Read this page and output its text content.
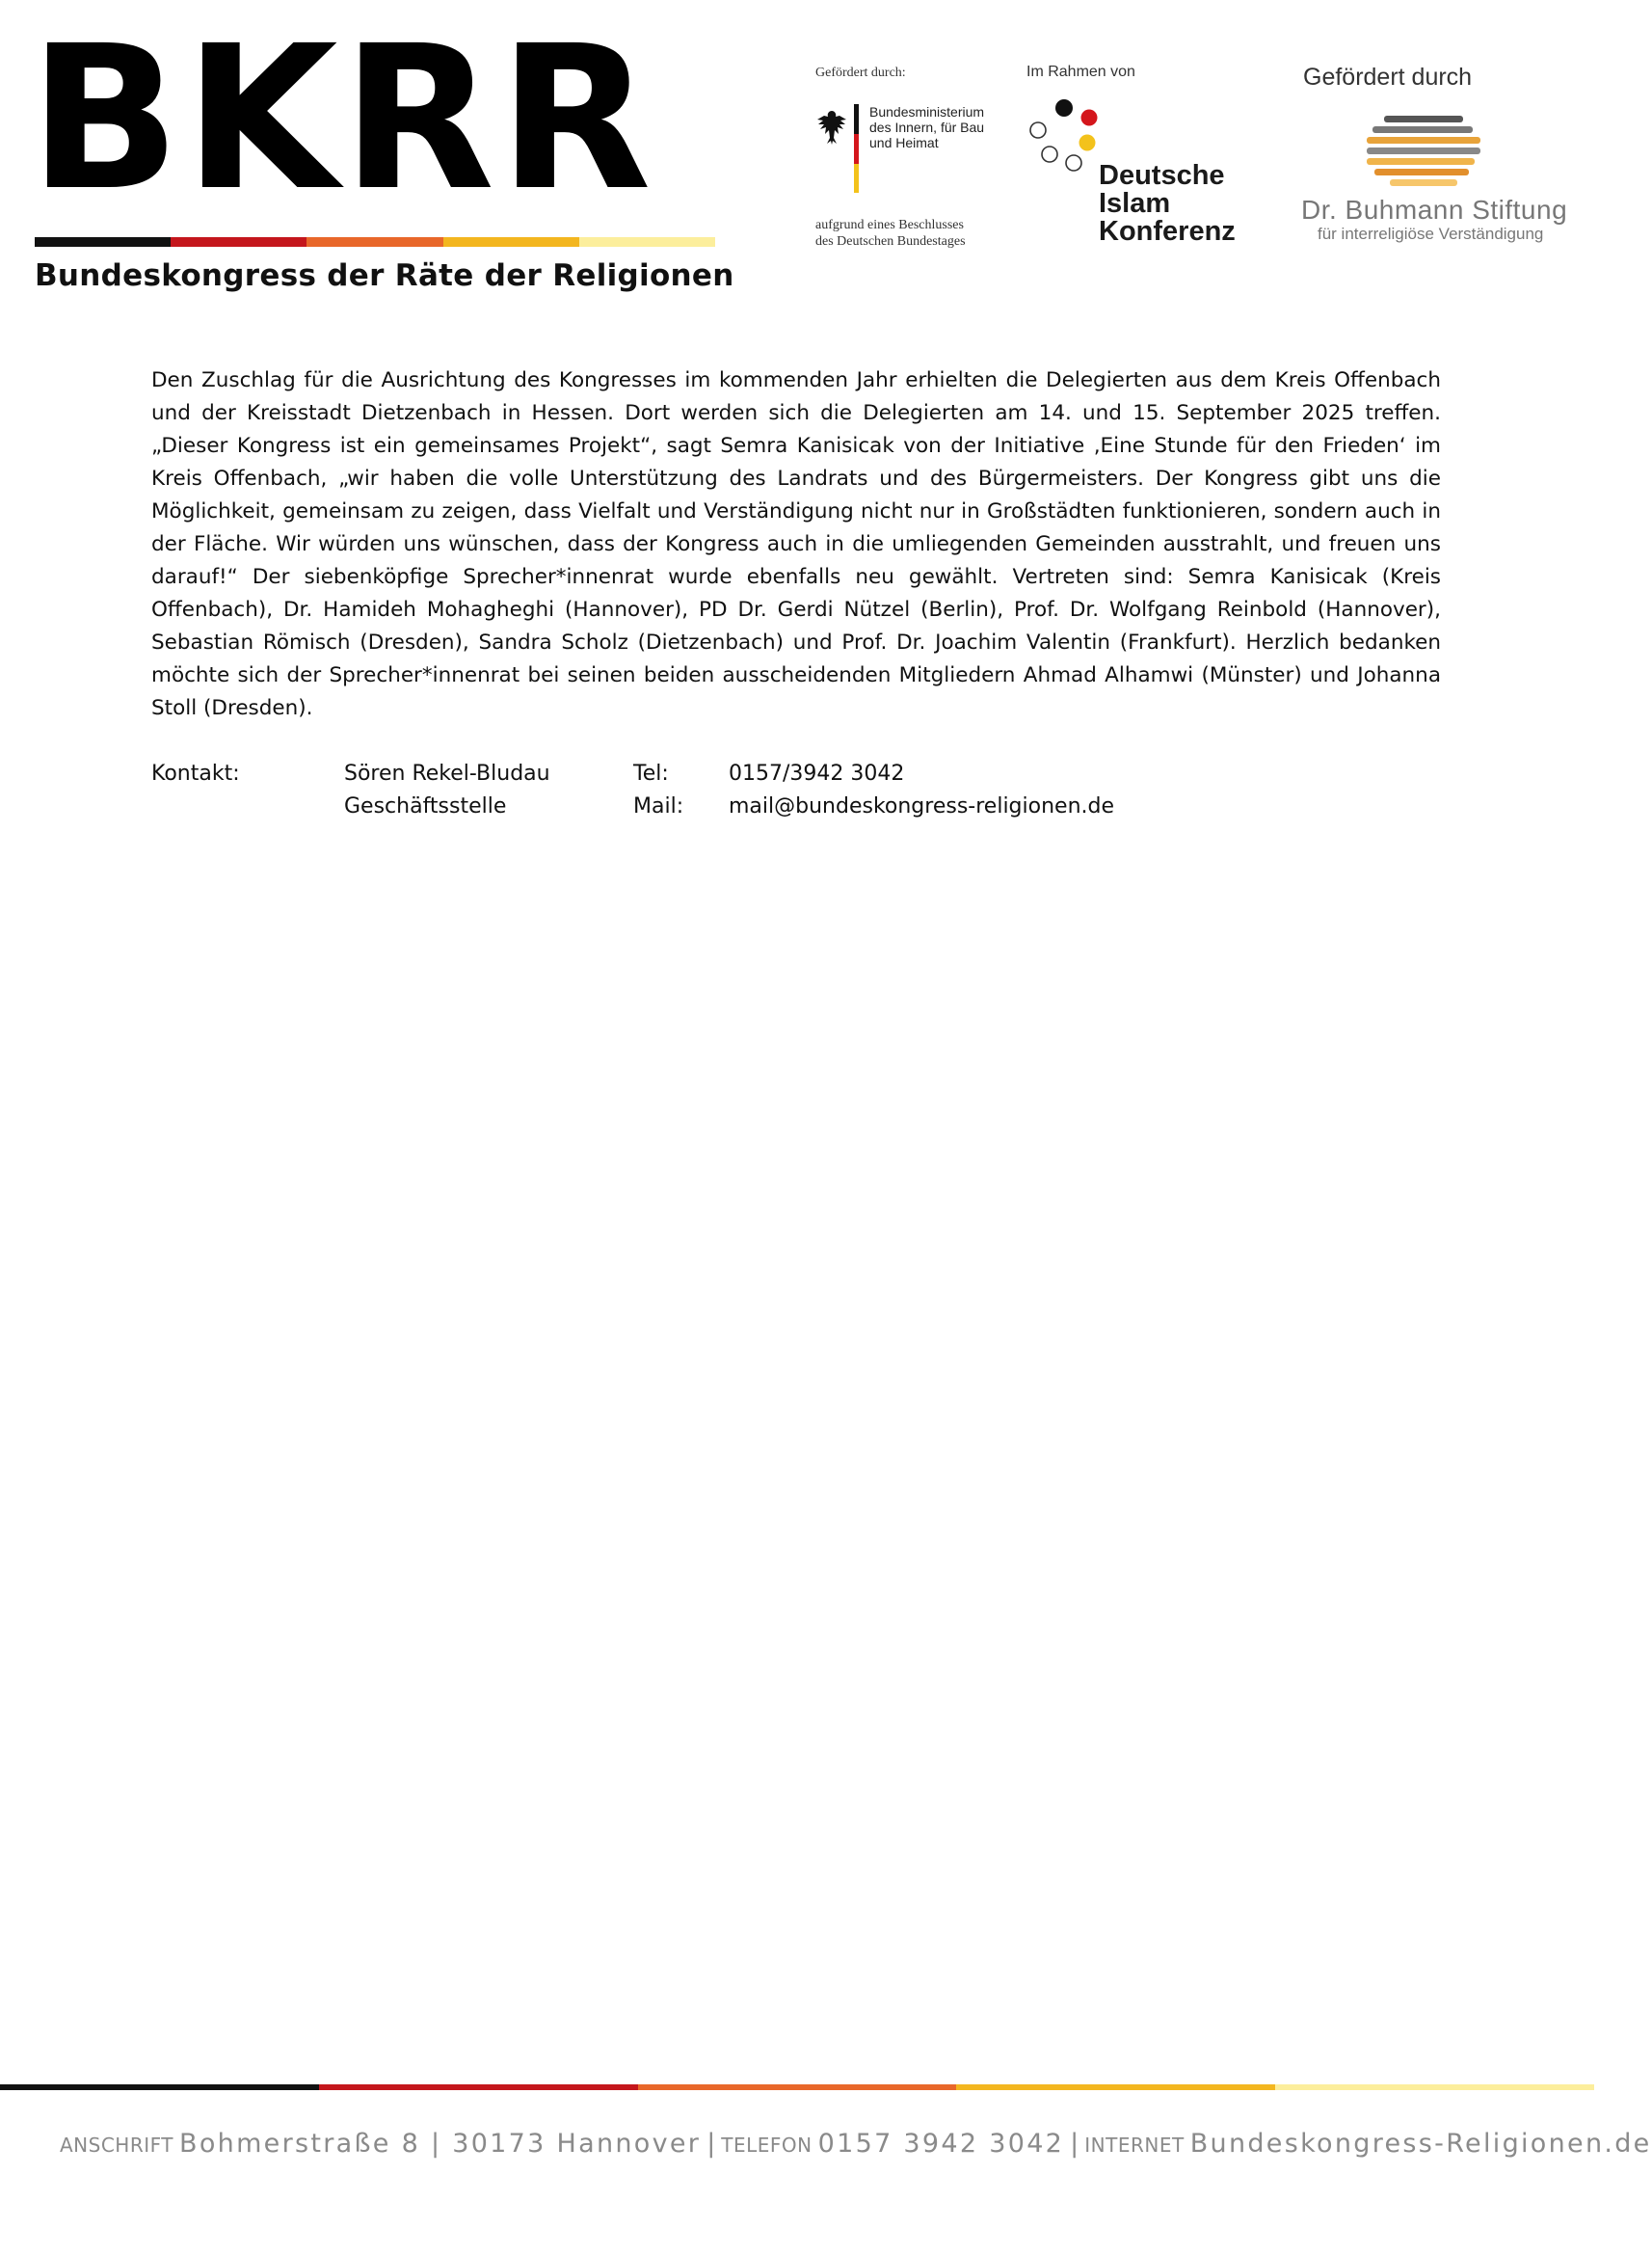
BKRR
Bundeskongress der Räte der Religionen
Gefördert durch:
Bundesministerium
des Innern, für Bau
und Heimat
aufgrund eines Beschlusses
des Deutschen Bundestages
Im Rahmen von
Deutsche
Islam
Konferenz
Gefördert durch
Dr. Buhmann Stiftung
für interreligiöse Verständigung

Den Zuschlag für die Ausrichtung des Kongresses im kommenden Jahr erhielten die Delegierten aus dem Kreis Offenbach und der Kreisstadt Dietzenbach in Hessen. Dort werden sich die Delegierten am 14. und 15. September 2025 treffen. „Dieser Kongress ist ein gemeinsames Projekt“, sagt Semra Kanisicak von der Initiative ‚Eine Stunde für den Frieden‘ im Kreis Offenbach, „wir haben die volle Unterstützung des Landrats und des Bürgermeisters. Der Kongress gibt uns die Möglichkeit, gemeinsam zu zeigen, dass Vielfalt und Verständigung nicht nur in Großstädten funktionieren, sondern auch in der Fläche. Wir würden uns wünschen, dass der Kongress auch in die umliegenden Gemeinden ausstrahlt, und freuen uns darauf!“ Der siebenköpfige Sprecher*innenrat wurde ebenfalls neu gewählt. Vertreten sind: Semra Kanisicak (Kreis Offenbach), Dr. Hamideh Mohagheghi (Hannover), PD Dr. Gerdi Nützel (Berlin), Prof. Dr. Wolfgang Reinbold (Hannover), Sebastian Römisch (Dresden), Sandra Scholz (Dietzenbach) und Prof. Dr. Joachim Valentin (Frankfurt). Herzlich bedanken möchte sich der Sprecher*innenrat bei seinen beiden ausscheidenden Mitgliedern Ahmad Alhamwi (Münster) und Johanna Stoll (Dresden).

Kontakt:	Sören Rekel-Bludau
Geschäftsstelle
Tel:
Mail:
0157/3942 3042
mail@bundeskongress-religionen.de
ANSCHRIFT Bohmerstraße 8 | 30173 Hannover | TELEFON 0157 3942 3042 | INTERNET Bundeskongress-Religionen.de
